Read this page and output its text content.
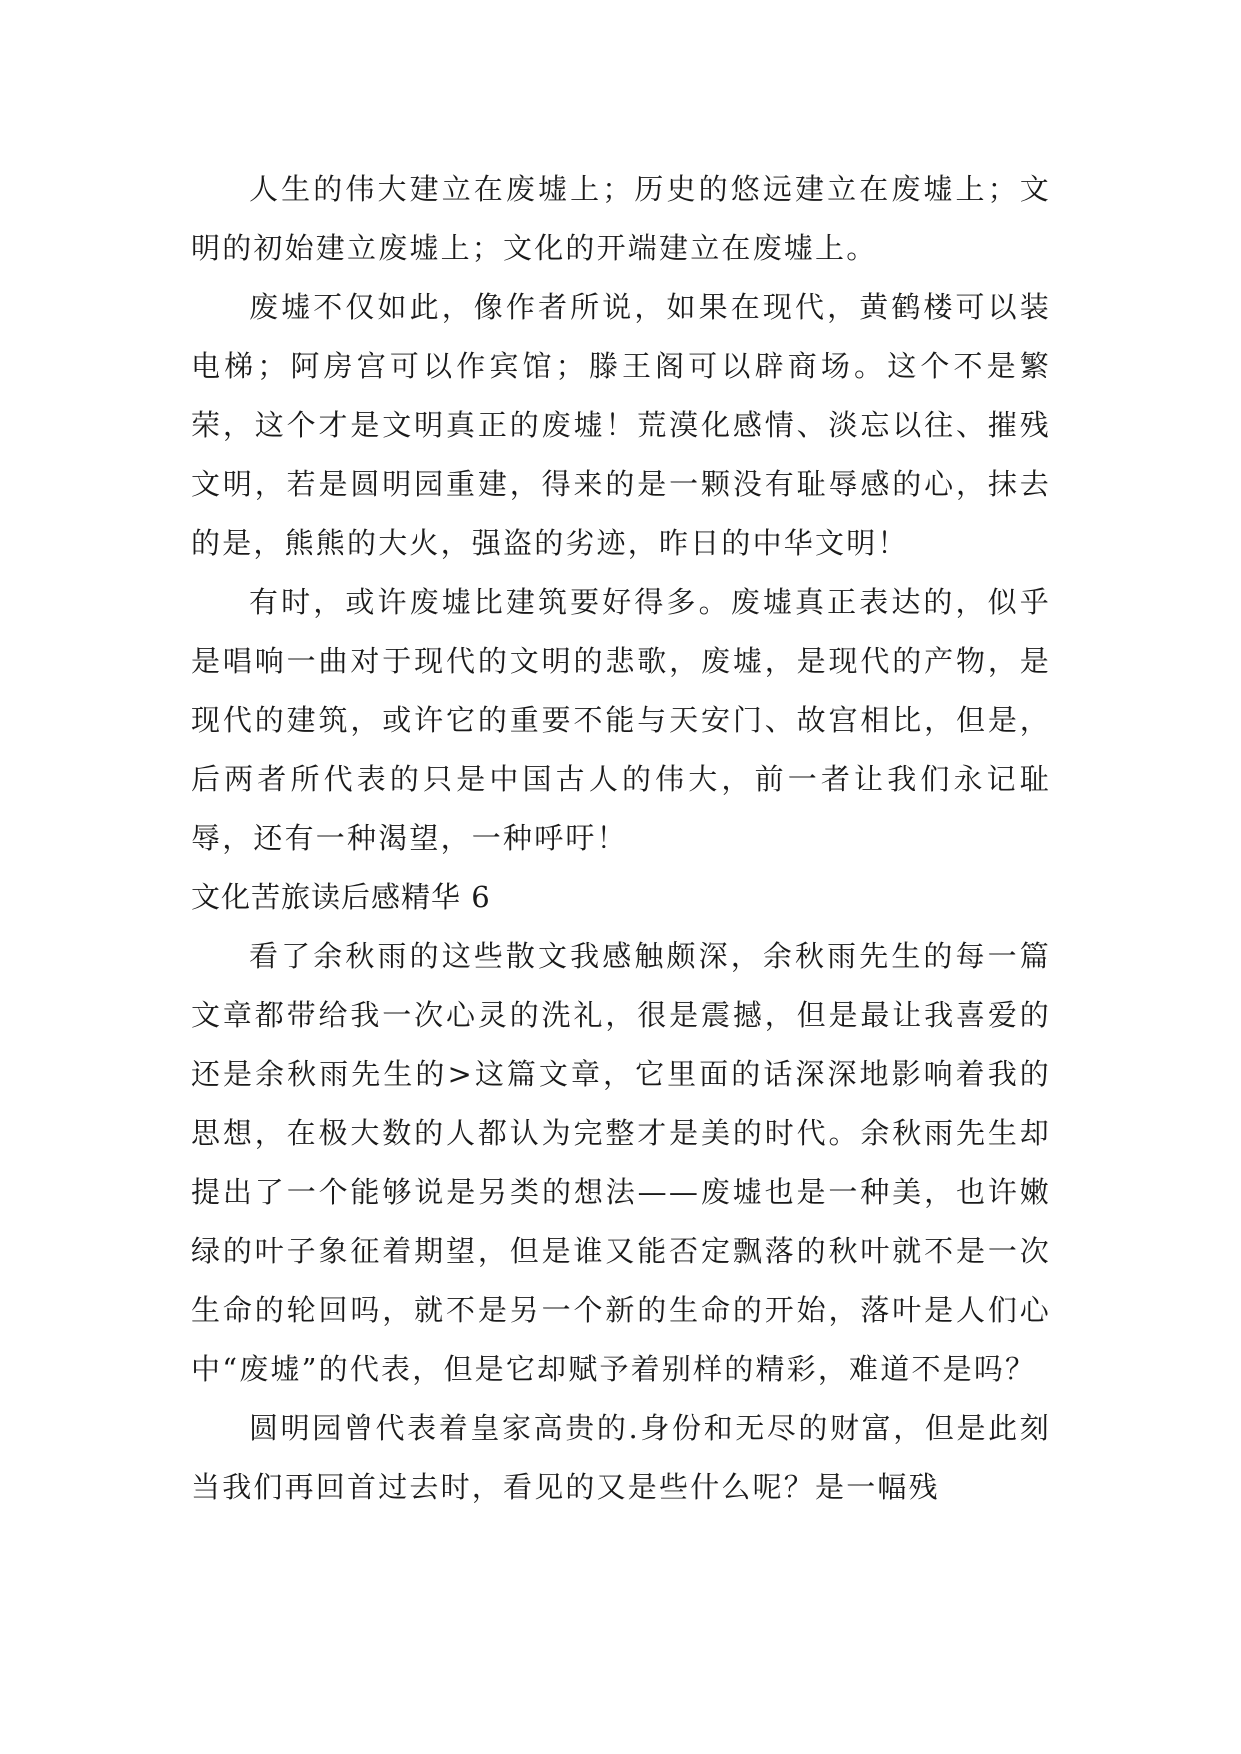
人生的伟大建立在废墟上；历史的悠远建立在废墟上；文明的初始建立废墟上；文化的开端建立在废墟上。

废墟不仅如此，像作者所说，如果在现代，黄鹤楼可以装电梯；阿房宫可以作宾馆；滕王阁可以辟商场。这个不是繁荣，这个才是文明真正的废墟！荒漠化感情、淡忘以往、摧残文明，若是圆明园重建，得来的是一颗没有耻辱感的心，抹去的是，熊熊的大火，强盗的劣迹，昨日的中华文明！

有时，或许废墟比建筑要好得多。废墟真正表达的，似乎是唱响一曲对于现代的文明的悲歌，废墟，是现代的产物，是现代的建筑，或许它的重要不能与天安门、故宫相比，但是，后两者所代表的只是中国古人的伟大，前一者让我们永记耻辱，还有一种渴望，一种呼吁！

文化苦旅读后感精华 6

看了余秋雨的这些散文我感触颇深，余秋雨先生的每一篇文章都带给我一次心灵的洗礼，很是震撼，但是最让我喜爱的还是余秋雨先生的>这篇文章，它里面的话深深地影响着我的思想，在极大数的人都认为完整才是美的时代。余秋雨先生却提出了一个能够说是另类的想法——废墟也是一种美，也许嫩绿的叶子象征着期望，但是谁又能否定飘落的秋叶就不是一次生命的轮回吗，就不是另一个新的生命的开始，落叶是人们心中“废墟”的代表，但是它却赋予着别样的精彩，难道不是吗？

圆明园曾代表着皇家高贵的.身份和无尽的财富，但是此刻当我们再回首过去时，看见的又是些什么呢？是一幅残
